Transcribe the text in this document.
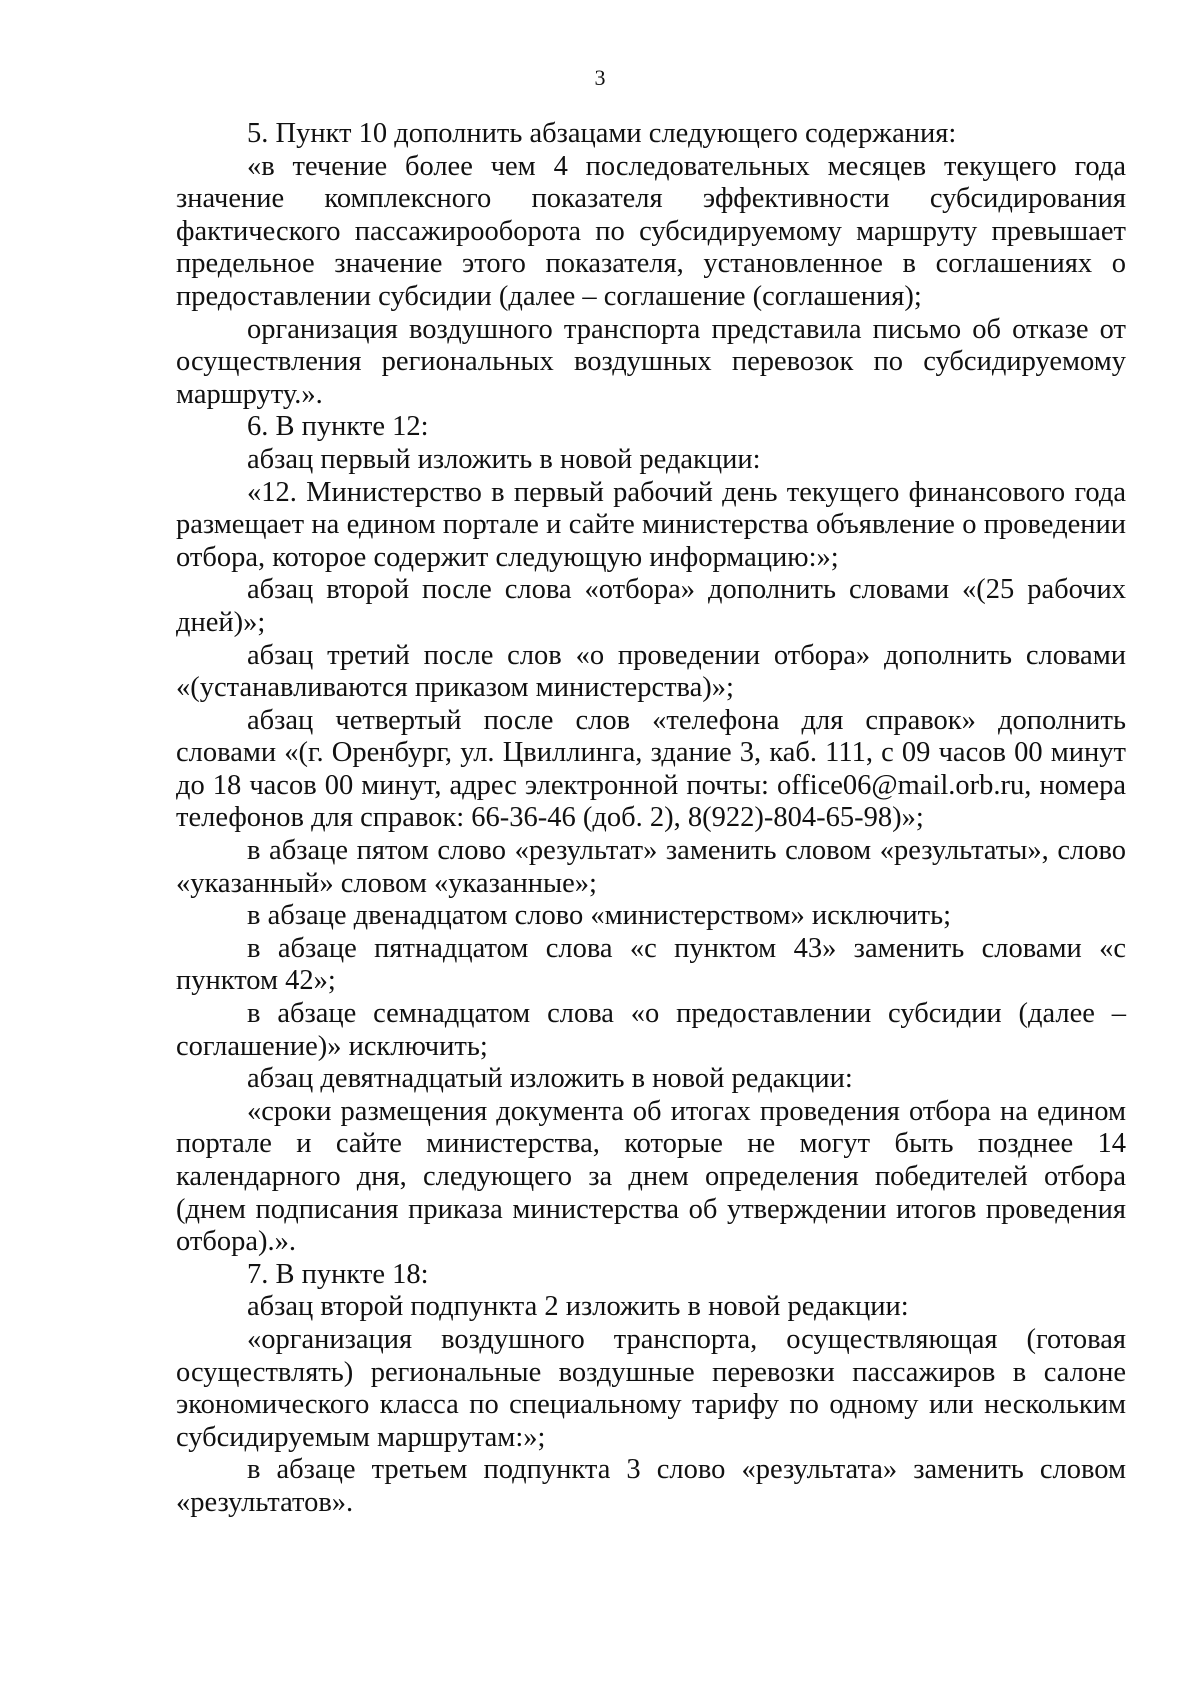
3

5. Пункт 10 дополнить абзацами следующего содержания:

«в течение более чем 4 последовательных месяцев текущего года значение комплексного показателя эффективности субсидирования фактического пассажирооборота по субсидируемому маршруту превышает предельное значение этого показателя, установленное в соглашениях о предоставлении субсидии (далее – соглашение (соглашения);

организация воздушного транспорта представила письмо об отказе от осуществления региональных воздушных перевозок по субсидируемому маршруту.».

6. В пункте 12:

абзац первый изложить в новой редакции:

«12. Министерство в первый рабочий день текущего финансового года размещает на едином портале и сайте министерства объявление о проведении отбора, которое содержит следующую информацию:»;

абзац второй после слова «отбора» дополнить словами «(25 рабочих дней)»;

абзац третий после слов «о проведении отбора» дополнить словами «(устанавливаются приказом министерства)»;

абзац четвертый после слов «телефона для справок» дополнить словами «(г. Оренбург, ул. Цвиллинга, здание 3, каб. 111, с 09 часов 00 минут до 18 часов 00 минут, адрес электронной почты: office06@mail.orb.ru, номера телефонов для справок: 66-36-46 (доб. 2), 8(922)-804-65-98)»;

в абзаце пятом слово «результат» заменить словом «результаты», слово «указанный» словом «указанные»;

в абзаце двенадцатом слово «министерством» исключить;

в абзаце пятнадцатом слова «с пунктом 43» заменить словами «с пунктом 42»;

в абзаце семнадцатом слова «о предоставлении субсидии (далее – соглашение)» исключить;

абзац девятнадцатый изложить в новой редакции:

«сроки размещения документа об итогах проведения отбора на едином портале и сайте министерства, которые не могут быть позднее 14 календарного дня, следующего за днем определения победителей отбора (днем подписания приказа министерства об утверждении итогов проведения отбора).».

7. В пункте 18:

абзац второй подпункта 2 изложить в новой редакции:

«организация воздушного транспорта, осуществляющая (готовая осуществлять) региональные воздушные перевозки пассажиров в салоне экономического класса по специальному тарифу по одному или нескольким субсидируемым маршрутам:»;

в абзаце третьем подпункта 3 слово «результата» заменить словом «результатов».
